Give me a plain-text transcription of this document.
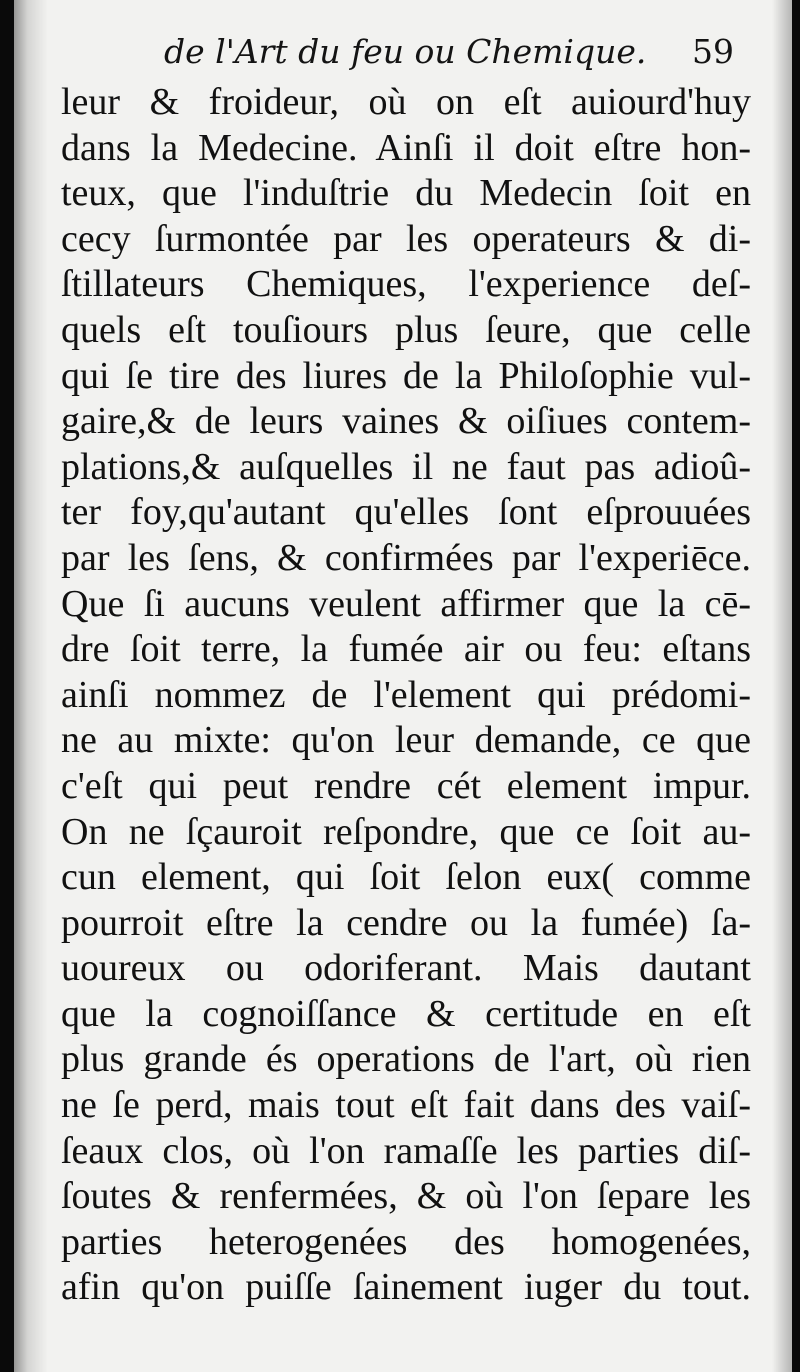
de l'Art du feu ou Chemique. 59
leur & froideur, où on eſt auiourd'huy
dans la Medecine. Ainſi il doit eſtre hon-
teux, que l'induſtrie du Medecin ſoit en
cecy ſurmontée par les operateurs & di-
ſtillateurs Chemiques, l'experience deſ-
quels eſt touſiours plus ſeure, que celle
qui ſe tire des liures de la Philoſophie vul-
gaire,& de leurs vaines & oiſiues contem-
plations,& auſquelles il ne faut pas adioû-
ter foy,qu'autant qu'elles ſont eſprouuées
par les ſens, & confirmées par l'experiēce.
Que ſi aucuns veulent affirmer que la cē-
dre ſoit terre, la fumée air ou feu: eſtans
ainſi nommez de l'element qui prédomi-
ne au mixte: qu'on leur demande, ce que
c'eſt qui peut rendre cét element impur.
On ne ſçauroit reſpondre, que ce ſoit au-
cun element, qui ſoit ſelon eux( comme
pourroit eſtre la cendre ou la fumée) ſa-
uoureux ou odoriferant. Mais dautant
que la cognoiſſance & certitude en eſt
plus grande és operations de l'art, où rien
ne ſe perd, mais tout eſt fait dans des vaiſ-
ſeaux clos, où l'on ramaſſe les parties diſ-
ſoutes & renfermées, & où l'on ſepare les
parties heterogenées des homogenées,
afin qu'on puiſſe ſainement iuger du tout.
